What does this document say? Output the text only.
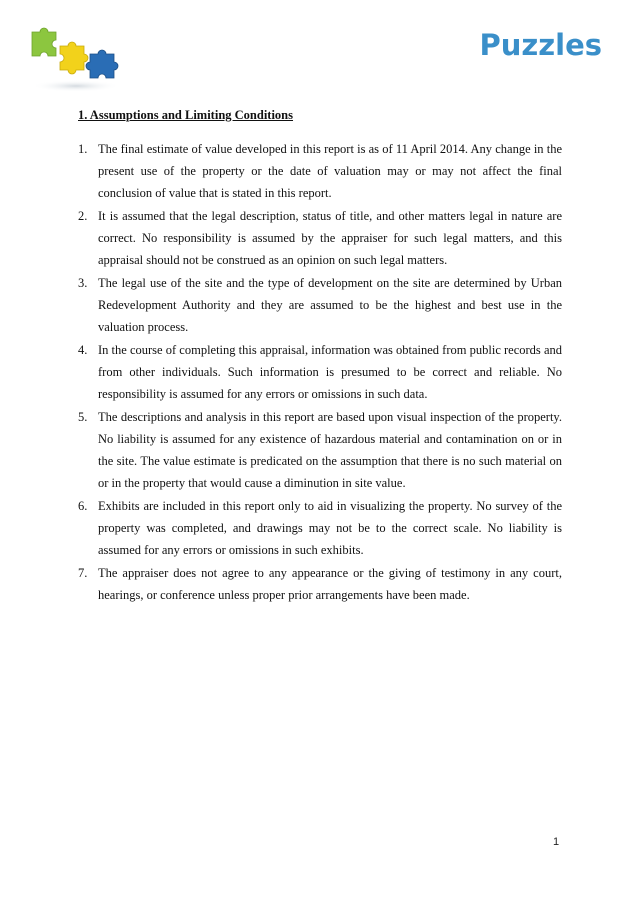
Puzzles
1. Assumptions and Limiting Conditions
1. The final estimate of value developed in this report is as of 11 April 2014. Any change in the present use of the property or the date of valuation may or may not affect the final conclusion of value that is stated in this report.
2. It is assumed that the legal description, status of title, and other matters legal in nature are correct. No responsibility is assumed by the appraiser for such legal matters, and this appraisal should not be construed as an opinion on such legal matters.
3. The legal use of the site and the type of development on the site are determined by Urban Redevelopment Authority and they are assumed to be the highest and best use in the valuation process.
4. In the course of completing this appraisal, information was obtained from public records and from other individuals. Such information is presumed to be correct and reliable. No responsibility is assumed for any errors or omissions in such data.
5. The descriptions and analysis in this report are based upon visual inspection of the property. No liability is assumed for any existence of hazardous material and contamination on or in the site. The value estimate is predicated on the assumption that there is no such material on or in the property that would cause a diminution in site value.
6. Exhibits are included in this report only to aid in visualizing the property. No survey of the property was completed, and drawings may not be to the correct scale. No liability is assumed for any errors or omissions in such exhibits.
7. The appraiser does not agree to any appearance or the giving of testimony in any court, hearings, or conference unless proper prior arrangements have been made.
1
